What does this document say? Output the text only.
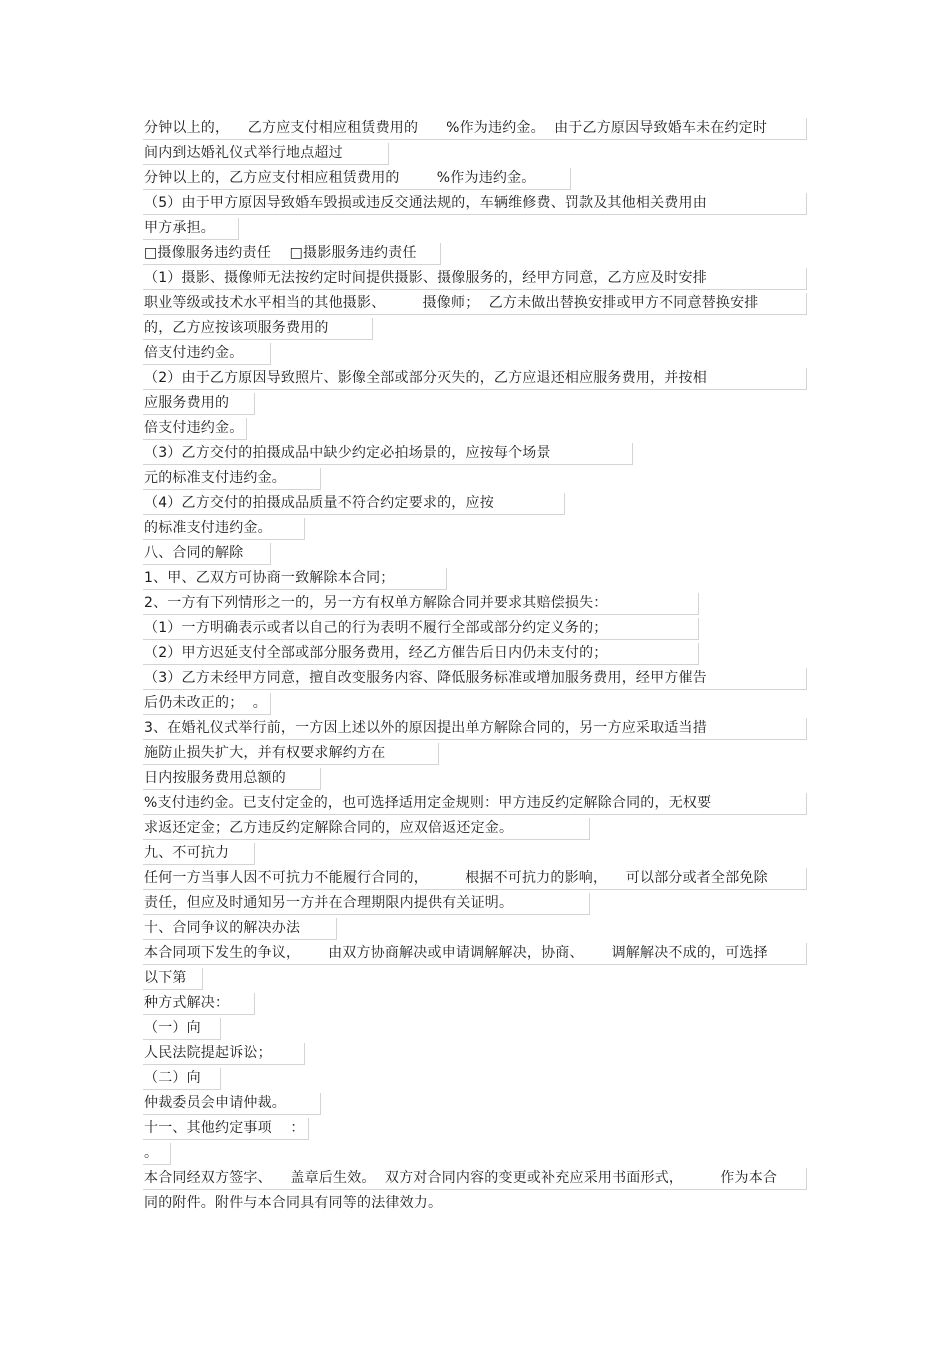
分钟以上的，    乙方应支付相应租赁费用的      %作为违约金。  由于乙方原因导致婚车未在约定时
间内到达婚礼仪式举行地点超过
分钟以上的，乙方应支付相应租赁费用的        %作为违约金。
（5）由于甲方原因导致婚车毁损或违反交通法规的，车辆维修费、罚款及其他相关费用由
甲方承担。
□摄像服务违约责任    □摄影服务违约责任
（1）摄影、摄像师无法按约定时间提供摄影、摄像服务的，经甲方同意，乙方应及时安排
职业等级或技术水平相当的其他摄影、        摄像师；  乙方未做出替换安排或甲方不同意替换安排
的，乙方应按该项服务费用的
倍支付违约金。
（2）由于乙方原因导致照片、影像全部或部分灭失的，乙方应退还相应服务费用，并按相
应服务费用的
倍支付违约金。
（3）乙方交付的拍摄成品中缺少约定必拍场景的，应按每个场景
元的标准支付违约金。
（4）乙方交付的拍摄成品质量不符合约定要求的，应按
的标准支付违约金。
八、合同的解除
1、甲、乙双方可协商一致解除本合同；
2、一方有下列情形之一的，另一方有权单方解除合同并要求其赔偿损失：
（1）一方明确表示或者以自己的行为表明不履行全部或部分约定义务的；
（2）甲方迟延支付全部或部分服务费用，经乙方催告后日内仍未支付的；
（3）乙方未经甲方同意，擅自改变服务内容、降低服务标准或增加服务费用，经甲方催告
后仍未改正的；  。
3、在婚礼仪式举行前，一方因上述以外的原因提出单方解除合同的，另一方应采取适当措
施防止损失扩大，并有权要求解约方在
日内按服务费用总额的
%支付违约金。已支付定金的，也可选择适用定金规则：甲方违反约定解除合同的，无权要
求返还定金；乙方违反约定解除合同的，应双倍返还定金。
九、不可抗力
任何一方当事人因不可抗力不能履行合同的，        根据不可抗力的影响，    可以部分或者全部免除
责任，但应及时通知另一方并在合理期限内提供有关证明。
十、合同争议的解决办法
本合同项下发生的争议，      由双方协商解决或申请调解解决，协商、      调解解决不成的，可选择
以下第
种方式解决：
（一）向
人民法院提起诉讼；
（二）向
仲裁委员会申请仲裁。
十一、其他约定事项    ：
。
本合同经双方签字、    盖章后生效。  双方对合同内容的变更或补充应采用书面形式，        作为本合
同的附件。附件与本合同具有同等的法律效力。
